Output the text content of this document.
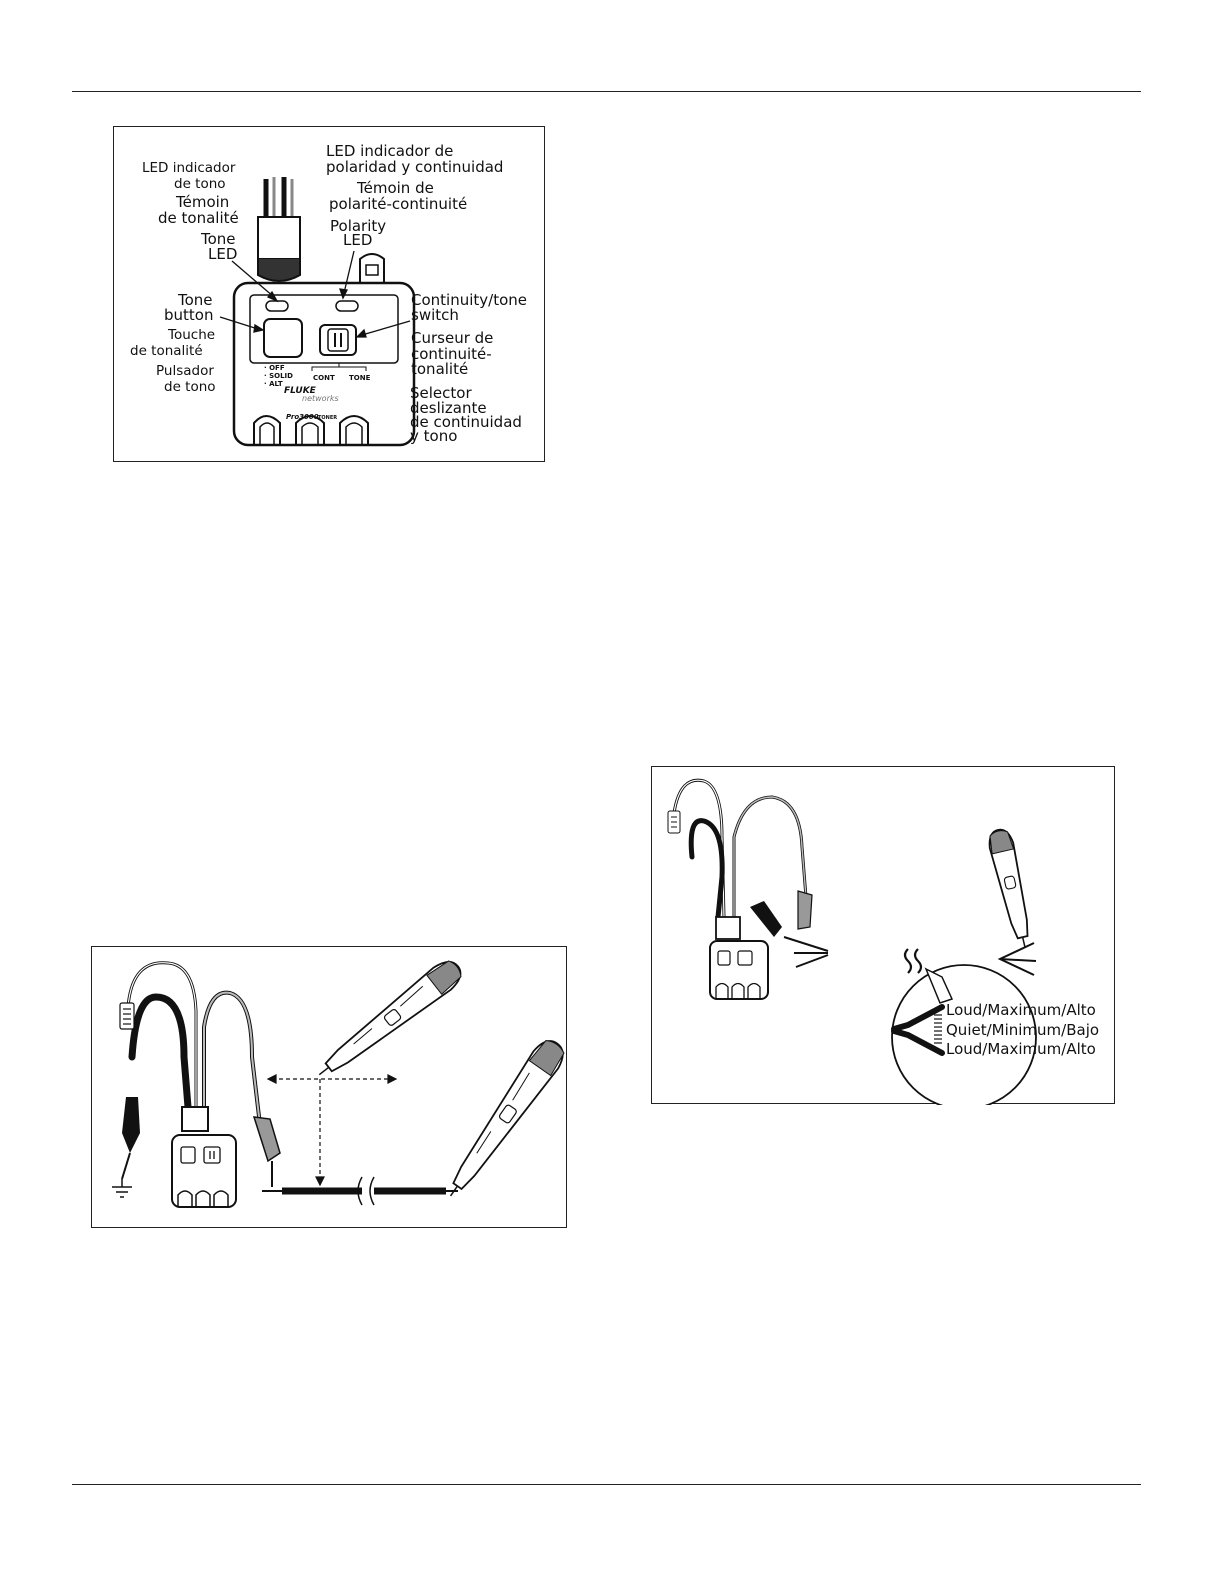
· OFF
· SOLID
· ALT
CONT TONE
FLUKE
networks
Pro3000 TONER
LED indicador
de tono
Témoin
de tonalité
Tone
LED
LED indicador de
polaridad y continuidad
Témoin de
polarité-continuité
Polarity
LED
Tone
button
Touche
de tonalité
Pulsador
de tono
Continuity/tone
switch
Curseur de
continuité-
tonalité
Selector
deslizante
de continuidad
y tono
Loud/Maximum/Alto
Quiet/Minimum/Bajo
Loud/Maximum/Alto
